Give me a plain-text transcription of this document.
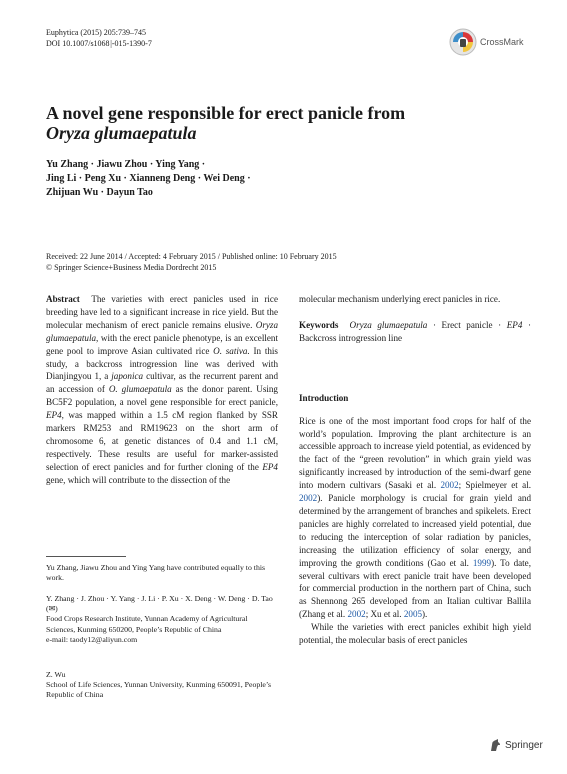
Euphytica (2015) 205:739–745
DOI 10.1007/s1068 |-015-1390-7	CrossMark
A novel gene responsible for erect panicle from
Oryza glumaepatula
Yu Zhang · Jiawu Zhou · Ying Yang ·
Jing Li · Peng Xu · Xianneng Deng · Wei Deng ·
Zhijuan Wu · Dayun Tao
Received: 22 June 2014 / Accepted: 4 February 2015 / Published online: 10 February 2015
© Springer Science+Business Media Dordrecht 2015
Abstract The varieties with erect panicles used in rice breeding have led to a significant increase in rice yield. But the molecular mechanism of erect panicle remains elusive. Oryza glumaepatula, with the erect panicle phenotype, is an excellent gene pool to improve Asian cultivated rice O. sativa. In this study, a backcross introgression line was derived with Dianjingyou 1, a japonica cultivar, as the recurrent parent and an accession of O. glumaepatula as the donor parent. Using BC5F2 population, a novel gene responsible for erect panicle, EP4, was mapped within a 1.5 cM region flanked by SSR markers RM253 and RM19623 on the short arm of chromosome 6, at genetic distances of 0.4 and 1.1 cM, respectively. These results are useful for marker-assisted selection of erect panicles and for further cloning of the EP4 gene, which will contribute to the dissection of the
Yu Zhang, Jiawu Zhou and Ying Yang have contributed equally to this work.
Y. Zhang · J. Zhou · Y. Yang · J. Li · P. Xu · X. Deng · W. Deng · D. Tao (✉)
Food Crops Research Institute, Yunnan Academy of Agricultural Sciences, Kunming 650200, People’s Republic of China
e-mail: taody12@aliyun.com
Z. Wu
School of Life Sciences, Yunnan University, Kunming 650091, People’s Republic of China
molecular mechanism underlying erect panicles in rice.
Keywords Oryza glumaepatula · Erect panicle · EP4 · Backcross introgression line
Introduction
Rice is one of the most important food crops for half of the world’s population. Improving the plant architecture is an accessible approach to increase yield potential, as evidenced by the fact of the “green revolution” in which grain yield was significantly increased by introduction of the semi-dwarf gene into modern cultivars (Sasaki et al. 2002; Spielmeyer et al. 2002). Panicle morphology is crucial for grain yield and determined by the arrangement of branches and spikelets. Erect panicles are highly correlated to increased yield potential, due to reducing the interception of solar radiation by panicles, increasing the utilization efficiency of solar energy, and improving the growth conditions (Gao et al. 1999). To date, several cultivars with erect panicle trait have been developed for commercial production in the northern part of China, such as Shennong 265 developed from an Italian cultivar Ballila (Zhang et al. 2002; Xu et al. 2005).
While the varieties with erect panicles exhibit high yield potential, the molecular basis of erect panicles
Springer
